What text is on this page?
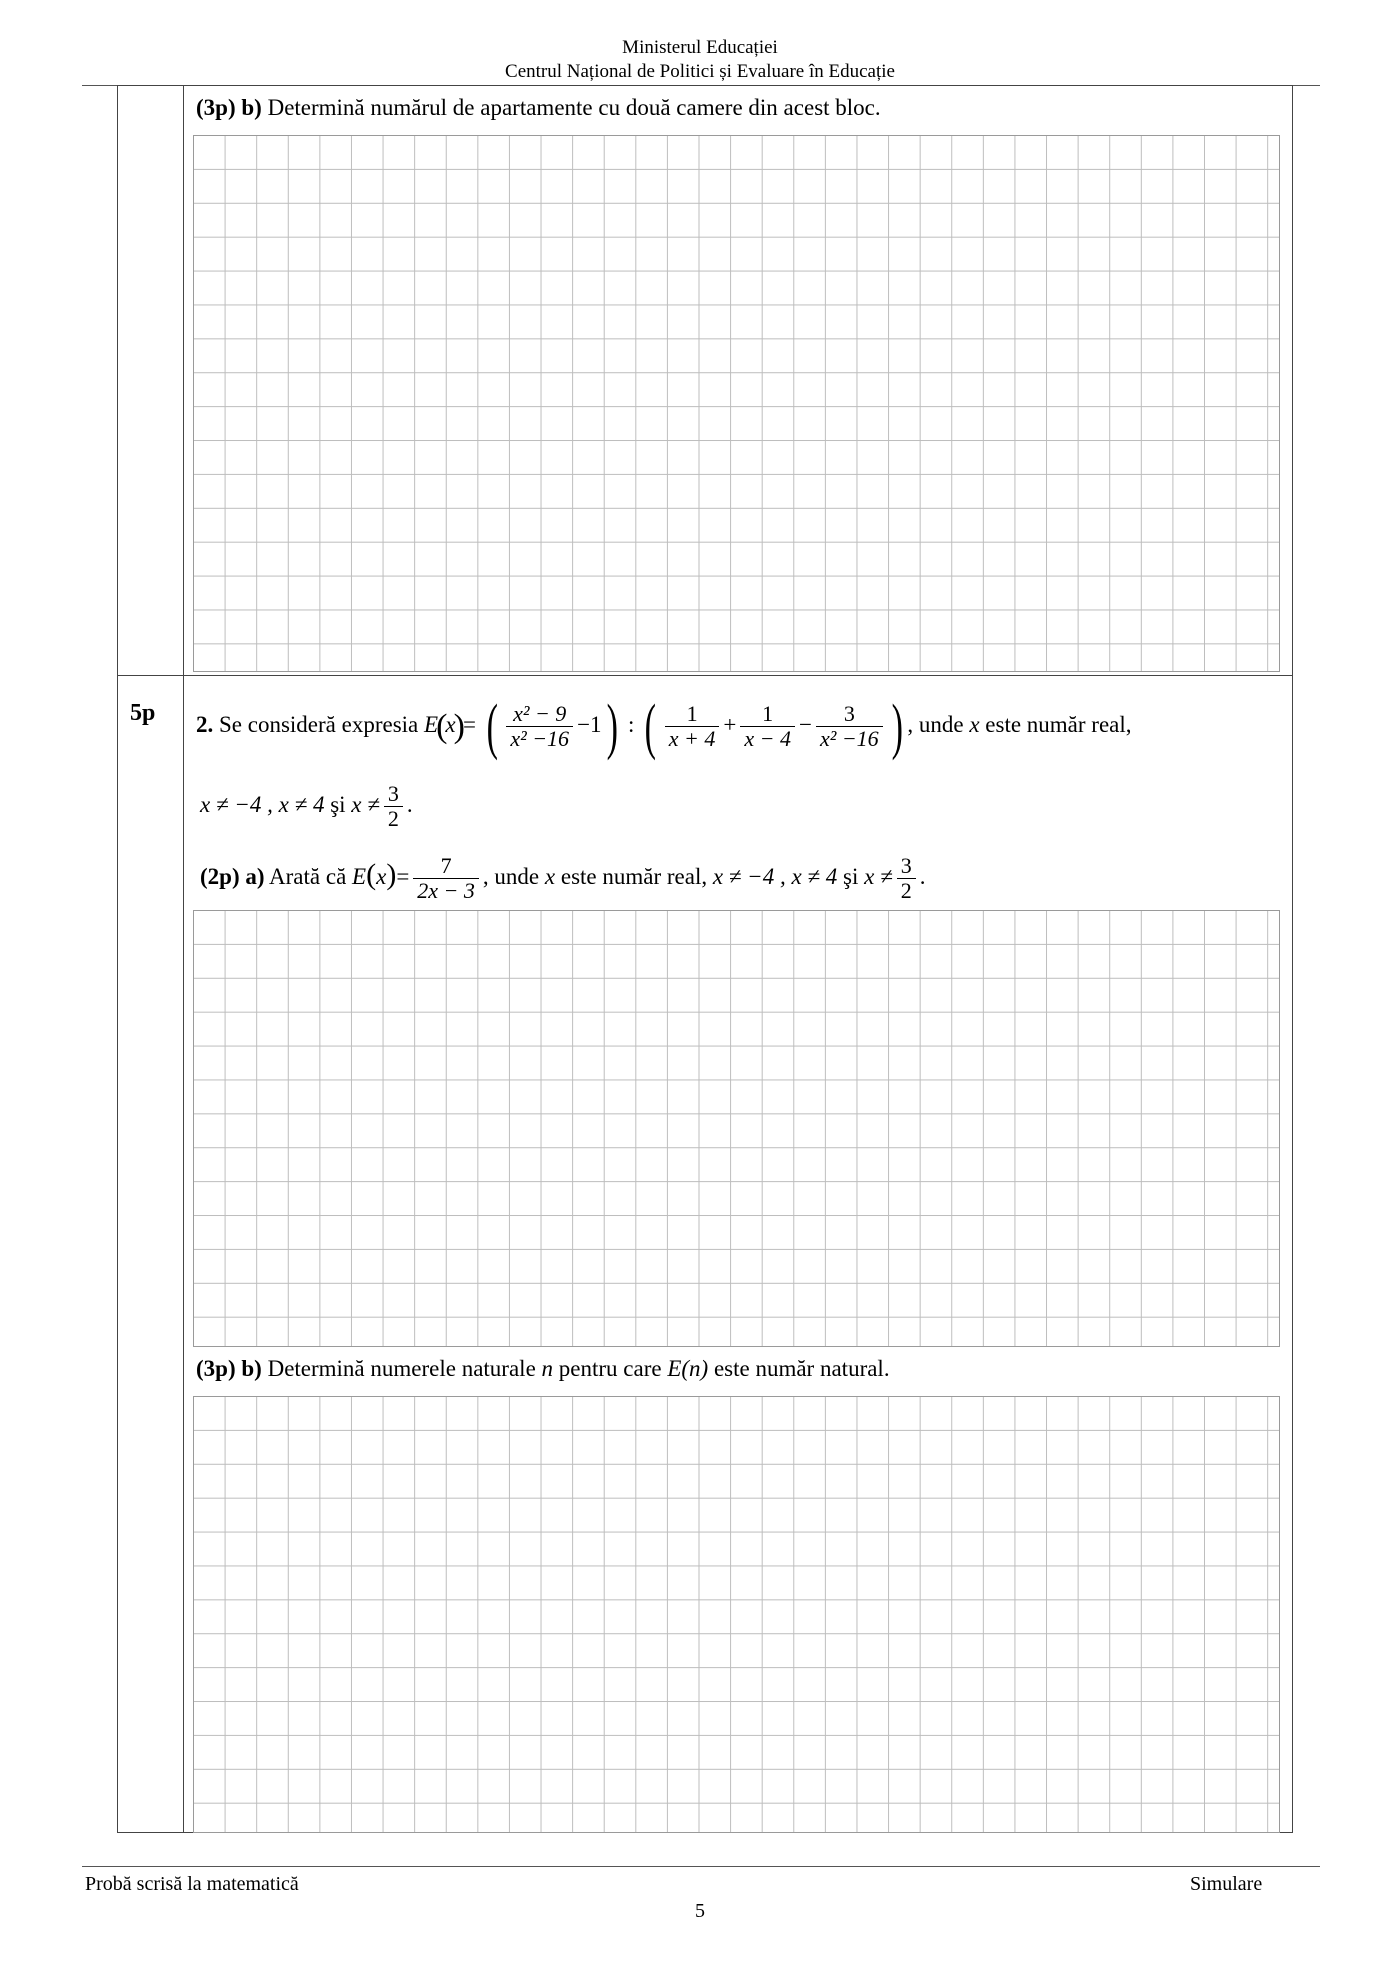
Ministerul Educației
Centrul Național de Politici și Evaluare în Educație
(3p) b) Determină numărul de apartamente cu două camere din acest bloc.
5p 2. Se consideră expresia E(x)= ( $\frac{\text{x² − 9}}{\text{x² −16}} -1$) : ( $\frac{1}{x + 4} + \frac{1}{x - 4} - \frac{3}{\text{x² −16}}$ ) , unde x este număr real,
x ≠ −4 , x ≠ 4 şi $x \ne \frac{3}{2}$ .
(2p) a) Arată că $E(x)= \frac{7}{2x - 3}$ , unde x este număr real, x ≠ −4 , x ≠ 4 şi $x \ne \frac{3}{2}$ .
(3p) b) Determină numerele naturale n pentru care E(n) este număr natural.
Probă scrisă la matematică	Simulare
5
